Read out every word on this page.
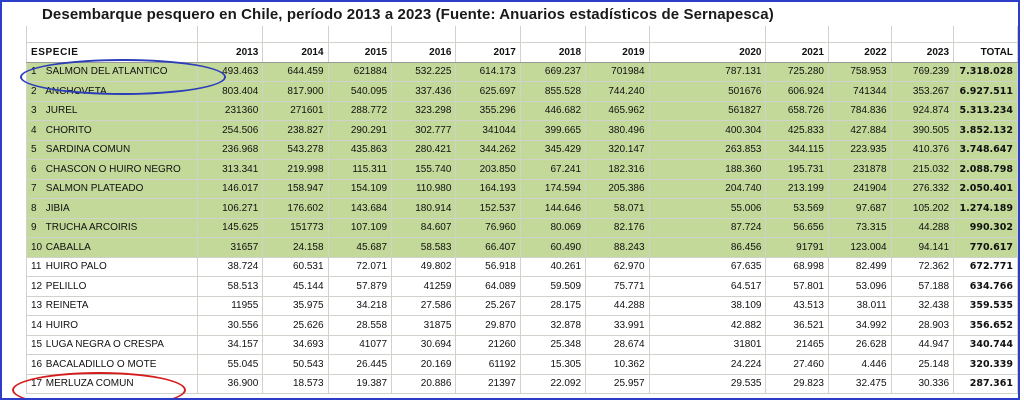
Desembarque pesquero en Chile, período 2013 a 2023 (Fuente: Anuarios estadísticos de Sernapesca)

ESPECIE	2013	2014	2015	2016	2017	2018	2019	2020	2021	2022	2023	TOTAL
1 SALMON DEL ATLANTICO	493.463	644.459	621884	532.225	614.173	669.237	701984	787.131	725.280	758.953	769.239	7.318.028
2 ANCHOVETA	803.404	817.900	540.095	337.436	625.697	855.528	744.240	501676	606.924	741344	353.267	6.927.511
3 JUREL	231360	271601	288.772	323.298	355.296	446.682	465.962	561827	658.726	784.836	924.874	5.313.234
4 CHORITO	254.506	238.827	290.291	302.777	341044	399.665	380.496	400.304	425.833	427.884	390.505	3.852.132
5 SARDINA COMUN	236.968	543.278	435.863	280.421	344.262	345.429	320.147	263.853	344.115	223.935	410.376	3.748.647
6 CHASCON O HUIRO NEGRO	313.341	219.998	115.311	155.740	203.850	67.241	182.316	188.360	195.731	231878	215.032	2.088.798
7 SALMON PLATEADO	146.017	158.947	154.109	110.980	164.193	174.594	205.386	204.740	213.199	241904	276.332	2.050.401
8 JIBIA	106.271	176.602	143.684	180.914	152.537	144.646	58.071	55.006	53.569	97.687	105.202	1.274.189
9 TRUCHA ARCOIRIS	145.625	151773	107.109	84.607	76.960	80.069	82.176	87.724	56.656	73.315	44.288	990.302
10 CABALLA	31657	24.158	45.687	58.583	66.407	60.490	88.243	86.456	91791	123.004	94.141	770.617
11 HUIRO PALO	38.724	60.531	72.071	49.802	56.918	40.261	62.970	67.635	68.998	82.499	72.362	672.771
12 PELILLO	58.513	45.144	57.879	41259	64.089	59.509	75.771	64.517	57.801	53.096	57.188	634.766
13 REINETA	11955	35.975	34.218	27.586	25.267	28.175	44.288	38.109	43.513	38.011	32.438	359.535
14 HUIRO	30.556	25.626	28.558	31875	29.870	32.878	33.991	42.882	36.521	34.992	28.903	356.652
15 LUGA NEGRA O CRESPA	34.157	34.693	41077	30.694	21260	25.348	28.674	31801	21465	26.628	44.947	340.744
16 BACALADILLO O MOTE	55.045	50.543	26.445	20.169	61192	15.305	10.362	24.224	27.460	4.446	25.148	320.339
17 MERLUZA COMUN	36.900	18.573	19.387	20.886	21397	22.092	25.957	29.535	29.823	32.475	30.336	287.361
